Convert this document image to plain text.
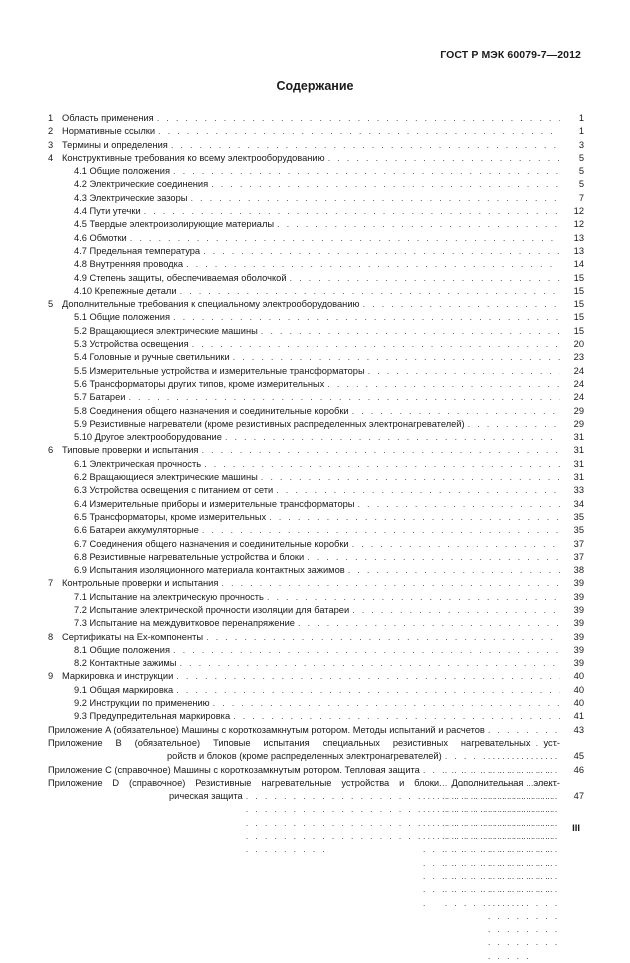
ГОСТ Р МЭК 60079-7—2012
Содержание
1 Область применения . . .	1
2 Нормативные ссылки . . .	1
3 Термины и определения . . .	3
4 Конструктивные требования ко всему электрооборудованию . . .	5
4.1 Общие положения . . .	5
4.2 Электрические соединения . . .	5
4.3 Электрические зазоры . . .	7
4.4 Пути утечки . . .	12
4.5 Твердые электроизолирующие материалы . . .	12
4.6 Обмотки . . .	13
4.7 Предельная температура . . .	13
4.8 Внутренняя проводка . . .	14
4.9 Степень защиты, обеспечиваемая оболочкой . . .	15
4.10 Крепежные детали . . .	15
5 Дополнительные требования к специальному электрооборудованию . . .	15
5.1 Общие положения . . .	15
5.2 Вращающиеся электрические машины . . .	15
5.3 Устройства освещения . . .	20
5.4 Головные и ручные светильники . . .	23
5.5 Измерительные устройства и измерительные трансформаторы . . .	24
5.6 Трансформаторы других типов, кроме измерительных . . .	24
5.7 Батареи . . .	24
5.8 Соединения общего назначения и соединительные коробки . . .	29
5.9 Резистивные нагреватели (кроме резистивных распределенных электронагревателей) . . .	29
5.10 Другое электрооборудование . . .	31
6 Типовые проверки и испытания . . .	31
6.1 Электрическая прочность . . .	31
6.2 Вращающиеся электрические машины . . .	31
6.3 Устройства освещения с питанием от сети . . .	33
6.4 Измерительные приборы и измерительные трансформаторы . . .	34
6.5 Трансформаторы, кроме измерительных . . .	35
6.6 Батареи аккумуляторные . . .	35
6.7 Соединения общего назначения и соединительные коробки . . .	37
6.8 Резистивные нагревательные устройства и блоки . . .	37
6.9 Испытания изоляционного материала контактных зажимов . . .	38
7 Контрольные проверки и испытания . . .	39
7.1 Испытание на электрическую прочность . . .	39
7.2 Испытание электрической прочности изоляции для батареи . . .	39
7.3 Испытание на междувитковое перенапряжение . . .	39
8 Сертификаты на Ex-компоненты . . .	39
8.1 Общие положения . . .	39
8.2 Контактные зажимы . . .	39
9 Маркировка и инструкции . . .	40
9.1 Общая маркировка . . .	40
9.2 Инструкции по применению . . .	40
9.3 Предупредительная маркировка . . .	41
Приложение A (обязательное) Машины с короткозамкнутым ротором. Методы испытаний и расчетов . . .	43
Приложение B (обязательное) Типовые испытания специальных резистивных нагревательных уст-
ройств и блоков (кроме распределенных электронагревателей) . . .	45
Приложение C (справочное) Машины с короткозамкнутым ротором. Тепловая защита . . .	46
Приложение D (справочное) Резистивные нагревательные устройства и блоки. Дополнительная элект-
рическая защита . . .	47
III
